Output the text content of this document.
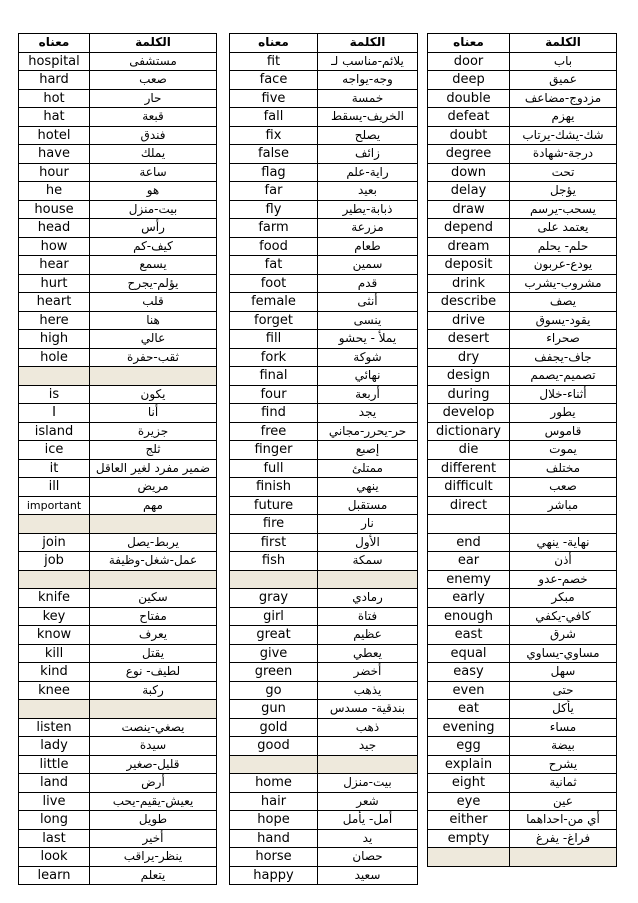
معناه	الكلمة
hospital	مستشفى
hard	صعب
hot	حار
hat	قبعة
hotel	فندق
have	يملك
hour	ساعة
he	هو
house	بيت-منزل
head	رأس
how	كيف-كم
hear	يسمع
hurt	يؤلم-يجرح
heart	قلب
here	هنا
high	عالي
hole	ثقب-حفرة

is	يكون
I	أنا
island	جزيرة
ice	ثلج
it	ضمير مفرد لغير العاقل
ill	مريض
important	مهم

join	يربط-يصل
job	عمل-شغل-وظيفة

knife	سكين
key	مفتاح
know	يعرف
kill	يقتل
kind	لطيف- نوع
knee	ركبة

listen	يصغي-ينصت
lady	سيدة
little	قليل-صغير
land	أرض
live	يعيش-يقيم-يحب
long	طويل
last	أخير
look	ينظر-يراقب
learn	يتعلم
معناه	الكلمة
fit	يلائم-مناسب لـ
face	وجه-يواجه
five	خمسة
fall	الخريف-يسقط
fix	يصلح
false	زائف
flag	راية-علم
far	بعيد
fly	ذبابة-يطير
farm	مزرعة
food	طعام
fat	سمين
foot	قدم
female	أنثى
forget	ينسى
fill	يملأ - يحشو
fork	شوكة
final	نهائي
four	أربعة
find	يجد
free	حر-يحرر-مجاني
finger	إصبع
full	ممتلئ
finish	ينهي
future	مستقبل
fire	نار
first	الأول
fish	سمكة

gray	رمادي
girl	فتاة
great	عظيم
give	يعطي
green	أخضر
go	يذهب
gun	بندقية- مسدس
gold	ذهب
good	جيد

home	بيت-منزل
hair	شعر
hope	أمل- يأمل
hand	يد
horse	حصان
happy	سعيد
معناه	الكلمة
door	باب
deep	عميق
double	مزدوج-مضاعف
defeat	يهزم
doubt	شك-يشك-يرتاب
degree	درجة-شهادة
down	تحت
delay	يؤجل
draw	يسحب-يرسم
depend	يعتمد على
dream	حلم- يحلم
deposit	يودع-عربون
drink	مشروب-يشرب
describe	يصف
drive	يقود-يسوق
desert	صحراء
dry	جاف-يجفف
design	تصميم-يصمم
during	أثناء-خلال
develop	يطور
dictionary	قاموس
die	يموت
different	مختلف
difficult	صعب
direct	مباشر

end	نهاية- ينهي
ear	أذن
enemy	خصم-عدو
early	مبكر
enough	كافي-يكفي
east	شرق
equal	مساوي-يساوي
easy	سهل
even	حتى
eat	يأكل
evening	مساء
egg	بيضة
explain	يشرح
eight	ثمانية
eye	عين
either	أي من-احداهما
empty	فراغ- يفرغ
